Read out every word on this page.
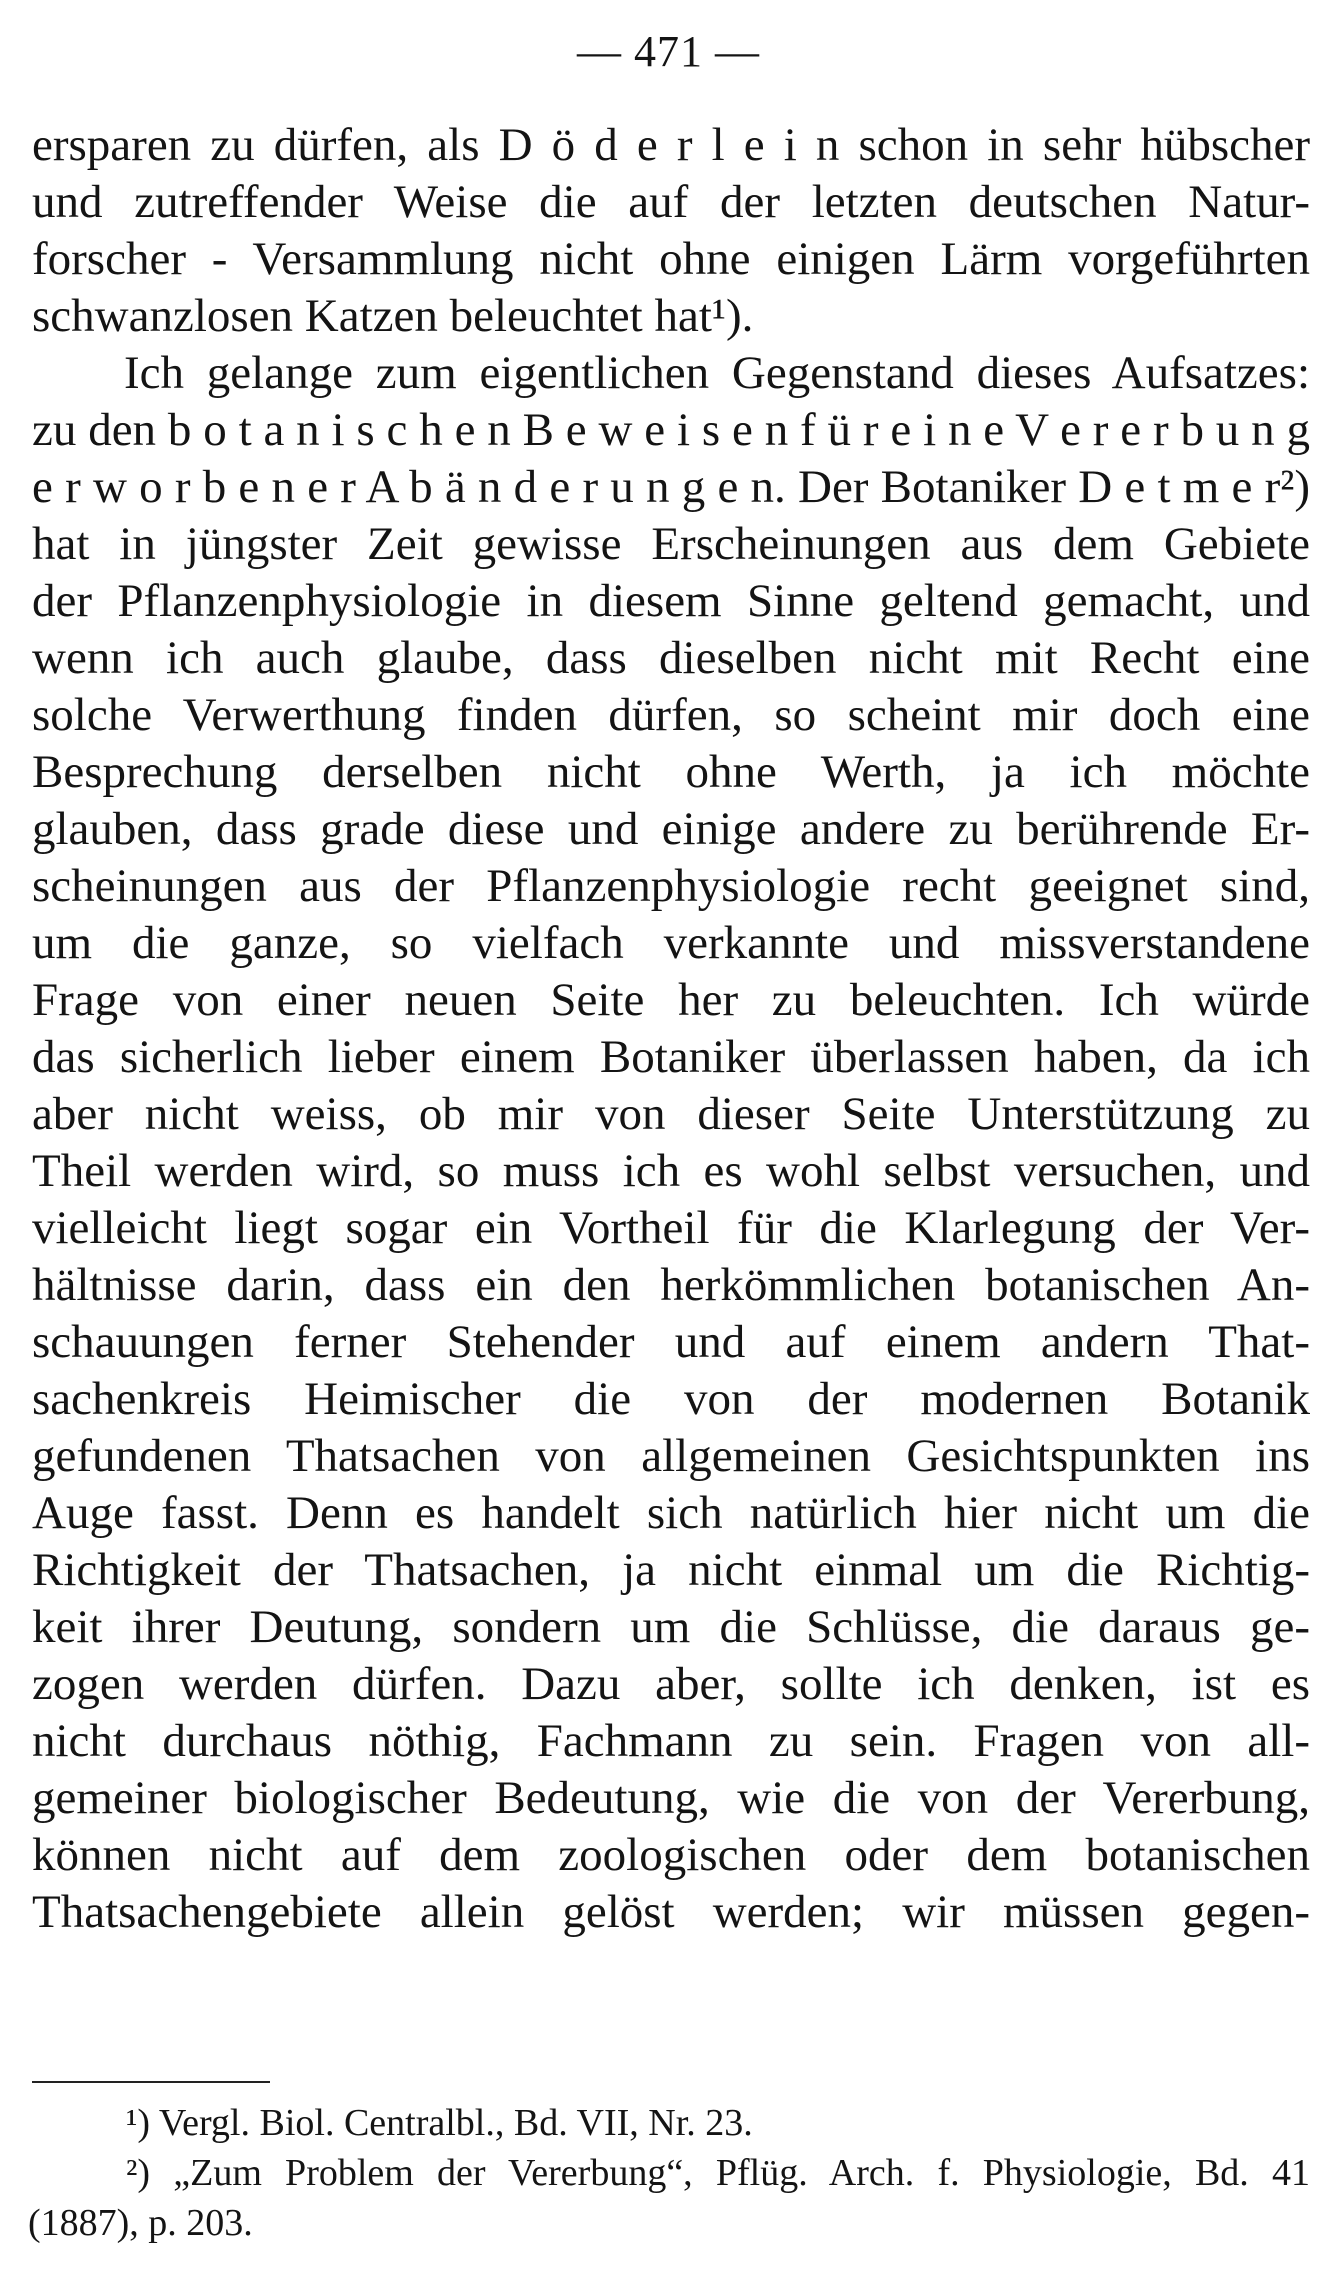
— 471 —
ersparen zu dürfen, als D ö d e r l e i n schon in sehr hübscher
und zutreffender Weise die auf der letzten deutschen Natur-
forscher - Versammlung nicht ohne einigen Lärm vorgeführten
schwanzlosen Katzen beleuchtet hat¹).
Ich gelange zum eigentlichen Gegenstand dieses Aufsatzes:
zu den b o t a n i s c h e n B e w e i s e n f ü r e i n e V e r e r b u n g
e r w o r b e n e r A b ä n d e r u n g e n. Der Botaniker D e t m e r²)
hat in jüngster Zeit gewisse Erscheinungen aus dem Gebiete
der Pflanzenphysiologie in diesem Sinne geltend gemacht, und
wenn ich auch glaube, dass dieselben nicht mit Recht eine
solche Verwerthung finden dürfen, so scheint mir doch eine
Besprechung derselben nicht ohne Werth, ja ich möchte
glauben, dass grade diese und einige andere zu berührende Er-
scheinungen aus der Pflanzenphysiologie recht geeignet sind,
um die ganze, so vielfach verkannte und missverstandene
Frage von einer neuen Seite her zu beleuchten. Ich würde
das sicherlich lieber einem Botaniker überlassen haben, da ich
aber nicht weiss, ob mir von dieser Seite Unterstützung zu
Theil werden wird, so muss ich es wohl selbst versuchen, und
vielleicht liegt sogar ein Vortheil für die Klarlegung der Ver-
hältnisse darin, dass ein den herkömmlichen botanischen An-
schauungen ferner Stehender und auf einem andern That-
sachenkreis Heimischer die von der modernen Botanik
gefundenen Thatsachen von allgemeinen Gesichtspunkten ins
Auge fasst. Denn es handelt sich natürlich hier nicht um die
Richtigkeit der Thatsachen, ja nicht einmal um die Richtig-
keit ihrer Deutung, sondern um die Schlüsse, die daraus ge-
zogen werden dürfen. Dazu aber, sollte ich denken, ist es
nicht durchaus nöthig, Fachmann zu sein. Fragen von all-
gemeiner biologischer Bedeutung, wie die von der Vererbung,
können nicht auf dem zoologischen oder dem botanischen
Thatsachengebiete allein gelöst werden; wir müssen gegen-
¹) Vergl. Biol. Centralbl., Bd. VII, Nr. 23.
²) „Zum Problem der Vererbung“, Pflüg. Arch. f. Physiologie, Bd. 41
(1887), p. 203.
